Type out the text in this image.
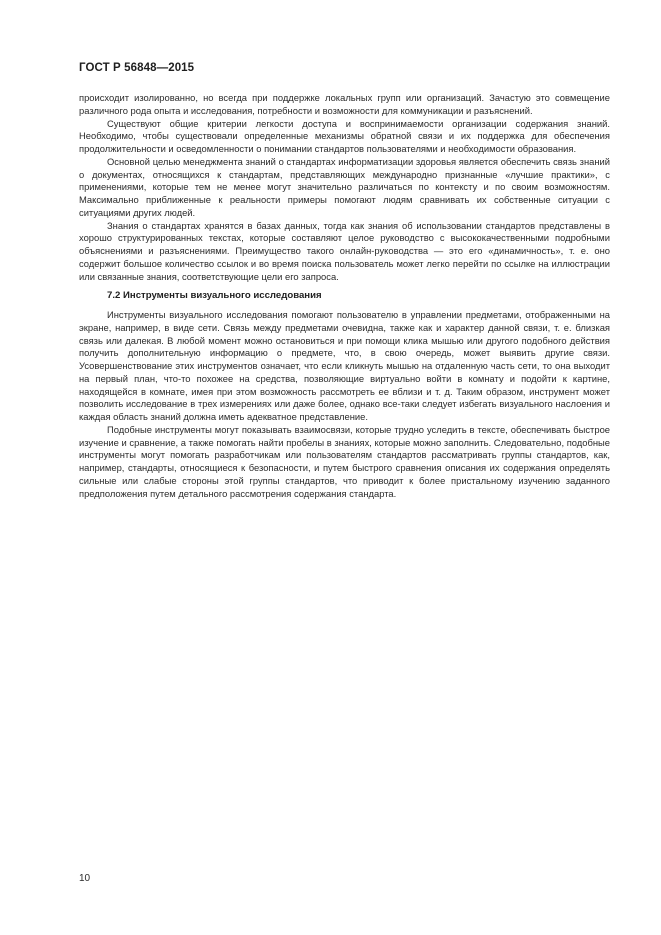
ГОСТ Р 56848—2015

происходит изолированно, но всегда при поддержке локальных групп или организаций. Зачастую это совмещение различного рода опыта и исследования, потребности и возможности для коммуникации и разъяснений.

Существуют общие критерии легкости доступа и воспринимаемости организации содержания знаний. Необходимо, чтобы существовали определенные механизмы обратной связи и их поддержка для обеспечения продолжительности и осведомленности о понимании стандартов пользователями и необходимости образования.

Основной целью менеджмента знаний о стандартах информатизации здоровья является обеспечить связь знаний о документах, относящихся к стандартам, представляющих международно признанные «лучшие практики», с применениями, которые тем не менее могут значительно различаться по контексту и по своим возможностям. Максимально приближенные к реальности примеры помогают людям сравнивать их собственные ситуации с ситуациями других людей.

Знания о стандартах хранятся в базах данных, тогда как знания об использовании стандартов представлены в хорошо структурированных текстах, которые составляют целое руководство с высококачественными подробными объяснениями и разъяснениями. Преимущество такого онлайн-руководства — это его «динамичность», т. е. оно содержит большое количество ссылок и во время поиска пользователь может легко перейти по ссылке на иллюстрации или связанные знания, соответствующие цели его запроса.

7.2 Инструменты визуального исследования

Инструменты визуального исследования помогают пользователю в управлении предметами, отображенными на экране, например, в виде сети. Связь между предметами очевидна, также как и характер данной связи, т. е. близкая связь или далекая. В любой момент можно остановиться и при помощи клика мышью или другого подобного действия получить дополнительную информацию о предмете, что, в свою очередь, может выявить другие связи. Усовершенствование этих инструментов означает, что если кликнуть мышью на отдаленную часть сети, то она выходит на первый план, что-то похожее на средства, позволяющие виртуально войти в комнату и подойти к картине, находящейся в комнате, имея при этом возможность рассмотреть ее вблизи и т. д. Таким образом, инструмент может позволить исследование в трех измерениях или даже более, однако все-таки следует избегать визуального наслоения и каждая область знаний должна иметь адекватное представление.

Подобные инструменты могут показывать взаимосвязи, которые трудно уследить в тексте, обеспечивать быстрое изучение и сравнение, а также помогать найти пробелы в знаниях, которые можно заполнить. Следовательно, подобные инструменты могут помогать разработчикам или пользователям стандартов рассматривать группы стандартов, как, например, стандарты, относящиеся к безопасности, и путем быстрого сравнения описания их содержания определять сильные или слабые стороны этой группы стандартов, что приводит к более пристальному изучению заданного предположения путем детального рассмотрения содержания стандарта.

10
